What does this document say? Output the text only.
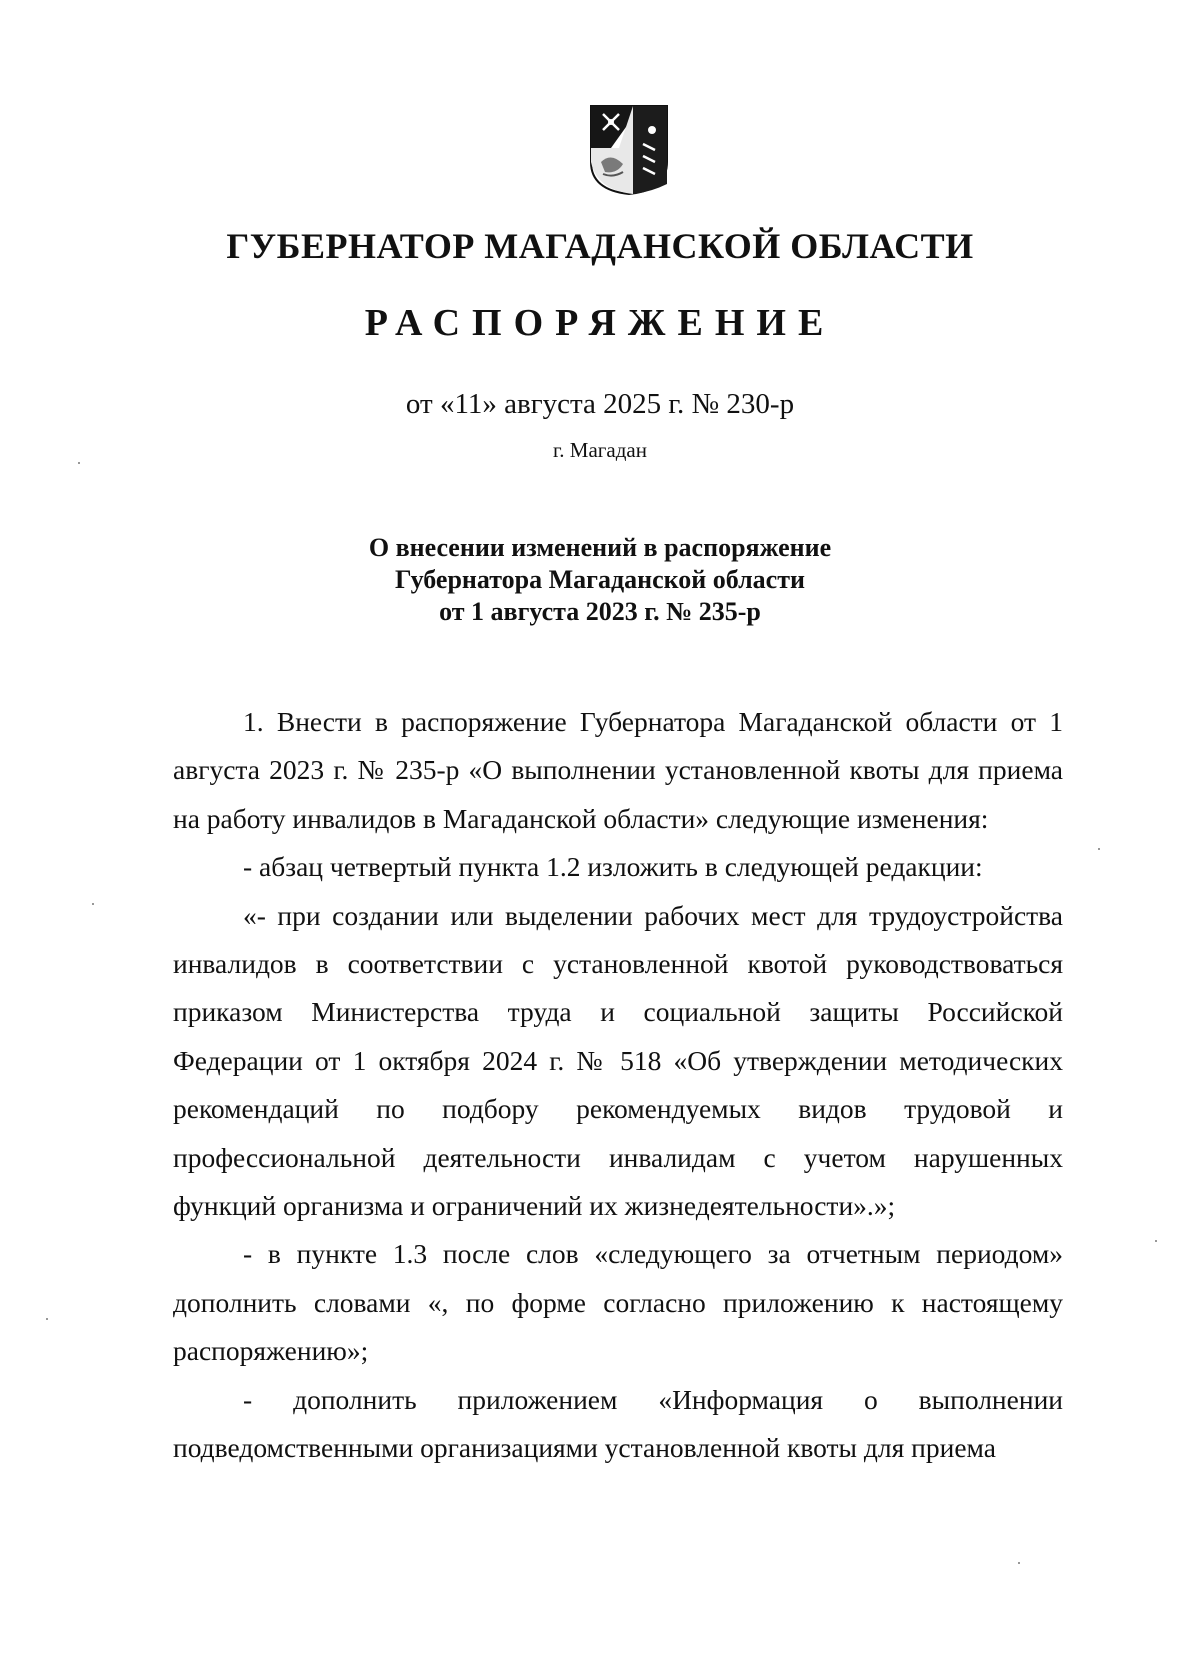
ГУБЕРНАТОР МАГАДАНСКОЙ ОБЛАСТИ
РАСПОРЯЖЕНИЕ
от «11» августа 2025 г. № 230-р
г. Магадан
О внесении изменений в распоряжение
Губернатора Магаданской области
от 1 августа 2023 г. № 235-р

1. Внести в распоряжение Губернатора Магаданской области от 1 августа 2023 г. № 235-р «О выполнении установленной квоты для приема на работу инвалидов в Магаданской области» следующие изменения:

- абзац четвертый пункта 1.2 изложить в следующей редакции:

«- при создании или выделении рабочих мест для трудоустройства инвалидов в соответствии с установленной квотой руководствоваться приказом Министерства труда и социальной защиты Российской Федерации от 1 октября 2024 г. № 518 «Об утверждении методических рекомендаций по подбору рекомендуемых видов трудовой и профессиональной деятельности инвалидам с учетом нарушенных функций организма и ограничений их жизнедеятельности».»;

- в пункте 1.3 после слов «следующего за отчетным периодом» дополнить словами «, по форме согласно приложению к настоящему распоряжению»;

- дополнить приложением «Информация о выполнении подведомственными организациями установленной квоты для приема
